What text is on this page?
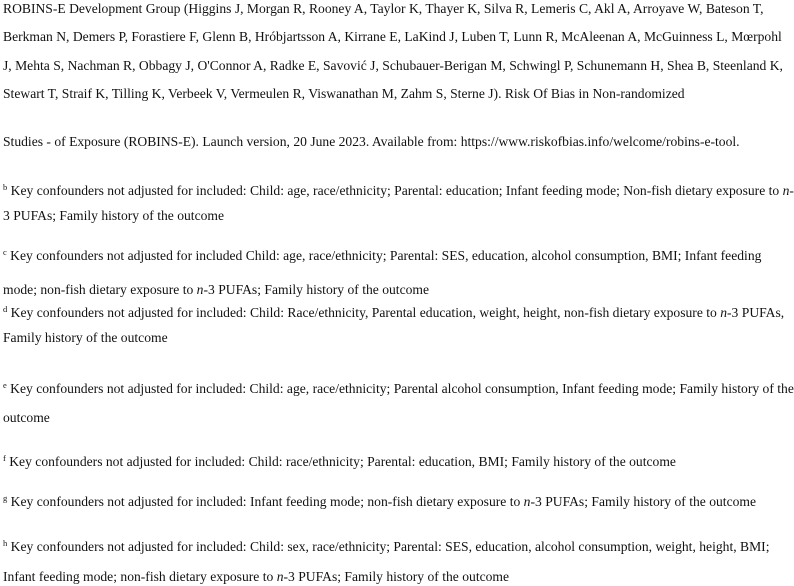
ROBINS-E Development Group (Higgins J, Morgan R, Rooney A, Taylor K, Thayer K, Silva R, Lemeris C, Akl A, Arroyave W, Bateson T,
Berkman N, Demers P, Forastiere F, Glenn B, Hróbjartsson A, Kirrane E, LaKind J, Luben T, Lunn R, McAleenan A, McGuinness L, Mœrpohl
J, Mehta S, Nachman R, Obbagy J, O'Connor A, Radke E, Savović J, Schubauer-Berigan M, Schwingl P, Schunemann H, Shea B, Steenland K,
Stewart T, Straif K, Tilling K, Verbeek V, Vermeulen R, Viswanathan M, Zahm S, Sterne J). Risk Of Bias in Non-randomized
Studies - of Exposure (ROBINS-E). Launch version, 20 June 2023. Available from: https://www.riskofbias.info/welcome/robins-e-tool.
$^b$ Key confounders not adjusted for included: Child: age, race/ethnicity; Parental: education; Infant feeding mode; Non-fish dietary exposure to n-
3 PUFAs; Family history of the outcome
$^c$ Key confounders not adjusted for included Child: age, race/ethnicity; Parental: SES, education, alcohol consumption, BMI; Infant feeding
mode; non-fish dietary exposure to n-3 PUFAs; Family history of the outcome
$^d$ Key confounders not adjusted for included: Child: Race/ethnicity, Parental education, weight, height, non-fish dietary exposure to n-3 PUFAs,
Family history of the outcome
$^e$ Key confounders not adjusted for included: Child: age, race/ethnicity; Parental alcohol consumption, Infant feeding mode; Family history of the
outcome
$^f$ Key confounders not adjusted for included: Child: race/ethnicity; Parental: education, BMI; Family history of the outcome
$^g$ Key confounders not adjusted for included: Infant feeding mode; non-fish dietary exposure to n-3 PUFAs; Family history of the outcome
$^h$ Key confounders not adjusted for included: Child: sex, race/ethnicity; Parental: SES, education, alcohol consumption, weight, height, BMI;
Infant feeding mode; non-fish dietary exposure to n-3 PUFAs; Family history of the outcome
